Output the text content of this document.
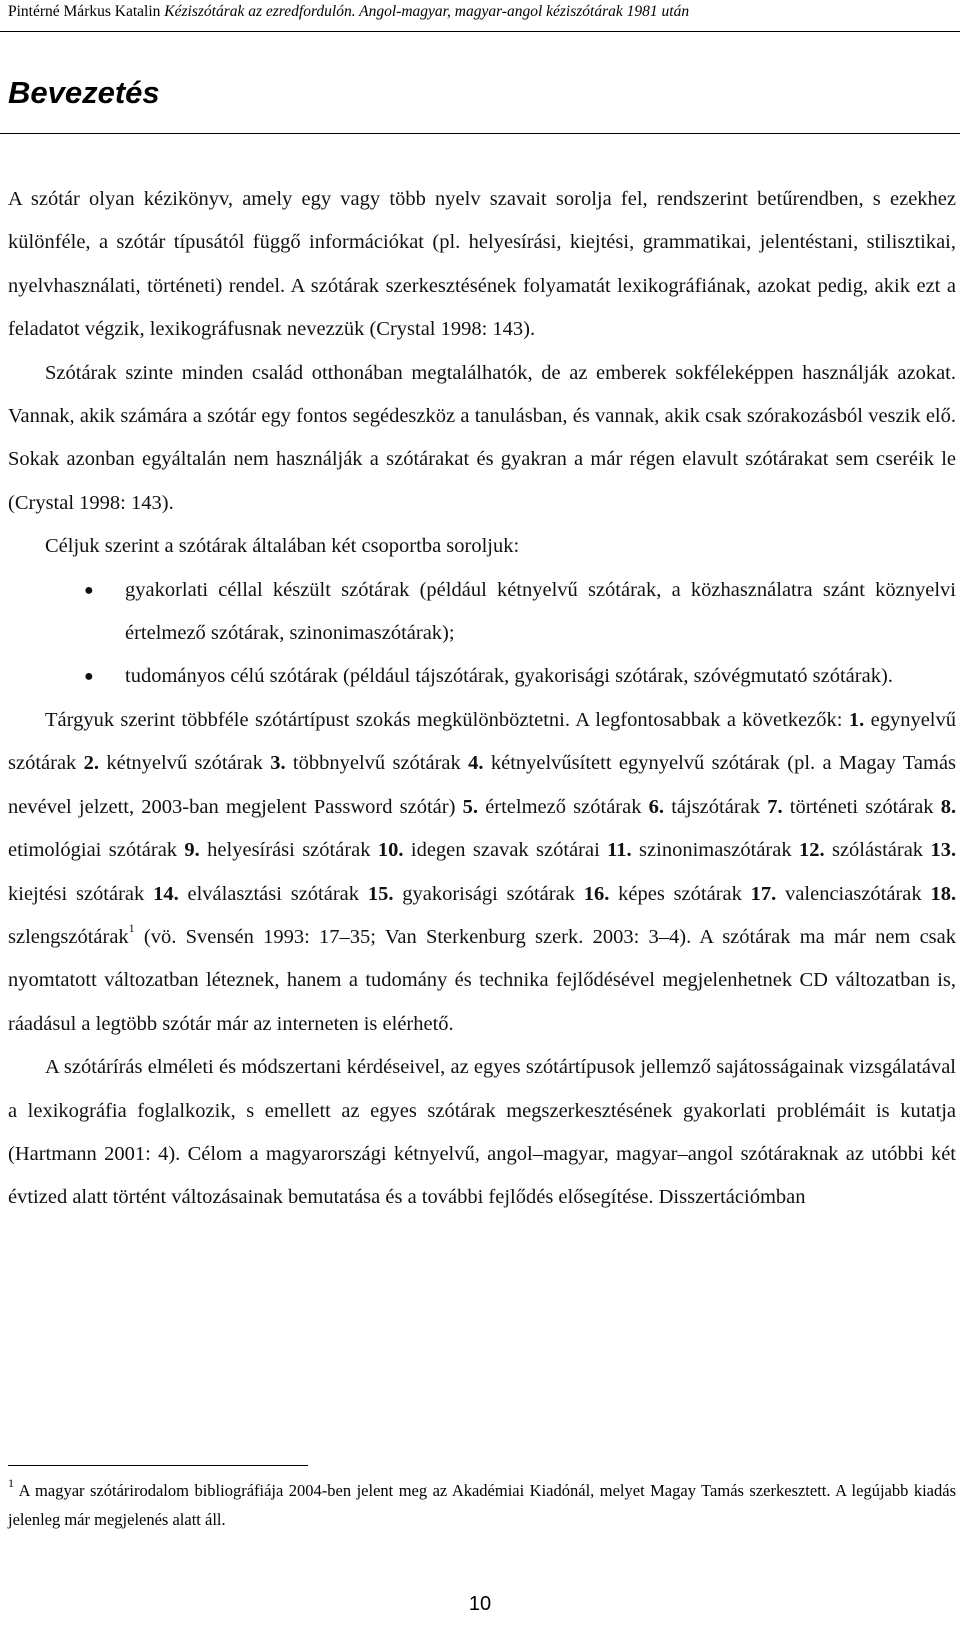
Pintérné Márkus Katalin Kéziszótárak az ezredfordulón. Angol-magyar, magyar-angol kéziszótárak 1981 után
Bevezetés

A szótár olyan kézikönyv, amely egy vagy több nyelv szavait sorolja fel, rendszerint betűrendben, s ezekhez különféle, a szótár típusától függő információkat (pl. helyesírási, kiejtési, grammatikai, jelentéstani, stilisztikai, nyelvhasználati, történeti) rendel. A szótárak szerkesztésének folyamatát lexikográfiának, azokat pedig, akik ezt a feladatot végzik, lexikográfusnak nevezzük (Crystal 1998: 143).

Szótárak szinte minden család otthonában megtalálhatók, de az emberek sokféleképpen használják azokat. Vannak, akik számára a szótár egy fontos segédeszköz a tanulásban, és vannak, akik csak szórakozásból veszik elő. Sokak azonban egyáltalán nem használják a szótárakat és gyakran a már régen elavult szótárakat sem cseréik le (Crystal 1998: 143).

Céljuk szerint a szótárak általában két csoportba soroljuk:

● gyakorlati céllal készült szótárak (például kétnyelvű szótárak, a közhasználatra szánt köznyelvi értelmező szótárak, szinonimaszótárak);
● tudományos célú szótárak (például tájszótárak, gyakorisági szótárak, szóvégmutató szótárak).

Tárgyuk szerint többféle szótártípust szokás megkülönböztetni. A legfontosabbak a következők: 1. egynyelvű szótárak 2. kétnyelvű szótárak 3. többnyelvű szótárak 4. kétnyelvűsített egynyelvű szótárak (pl. a Magay Tamás nevével jelzett, 2003-ban megjelent Password szótár) 5. értelmező szótárak 6. tájszótárak 7. történeti szótárak 8. etimológiai szótárak 9. helyesírási szótárak 10. idegen szavak szótárai 11. szinonimaszótárak 12. szólástárak 13. kiejtési szótárak 14. elválasztási szótárak 15. gyakorisági szótárak 16. képes szótárak 17. valenciaszótárak 18. szlengszótárak$^1$ (vö. Svensén 1993: 17–35; Van Sterkenburg szerk. 2003: 3–4). A szótárak ma már nem csak nyomtatott változatban léteznek, hanem a tudomány és technika fejlődésével megjelenhetnek CD változatban is, ráadásul a legtöbb szótár már az interneten is elérhető.

A szótárírás elméleti és módszertani kérdéseivel, az egyes szótártípusok jellemző sajátosságainak vizsgálatával a lexikográfia foglalkozik, s emellett az egyes szótárak megszerkesztésének gyakorlati problémáit is kutatja (Hartmann 2001: 4). Célom a magyarországi kétnyelvű, angol–magyar, magyar–angol szótáraknak az utóbbi két évtized alatt történt változásainak bemutatása és a további fejlődés elősegítése. Disszertációmban

$^1$ A magyar szótárirodalom bibliográfiája 2004-ben jelent meg az Akadémiai Kiadónál, melyet Magay Tamás szerkesztett. A legújabb kiadás jelenleg már megjelenés alatt áll.

10
